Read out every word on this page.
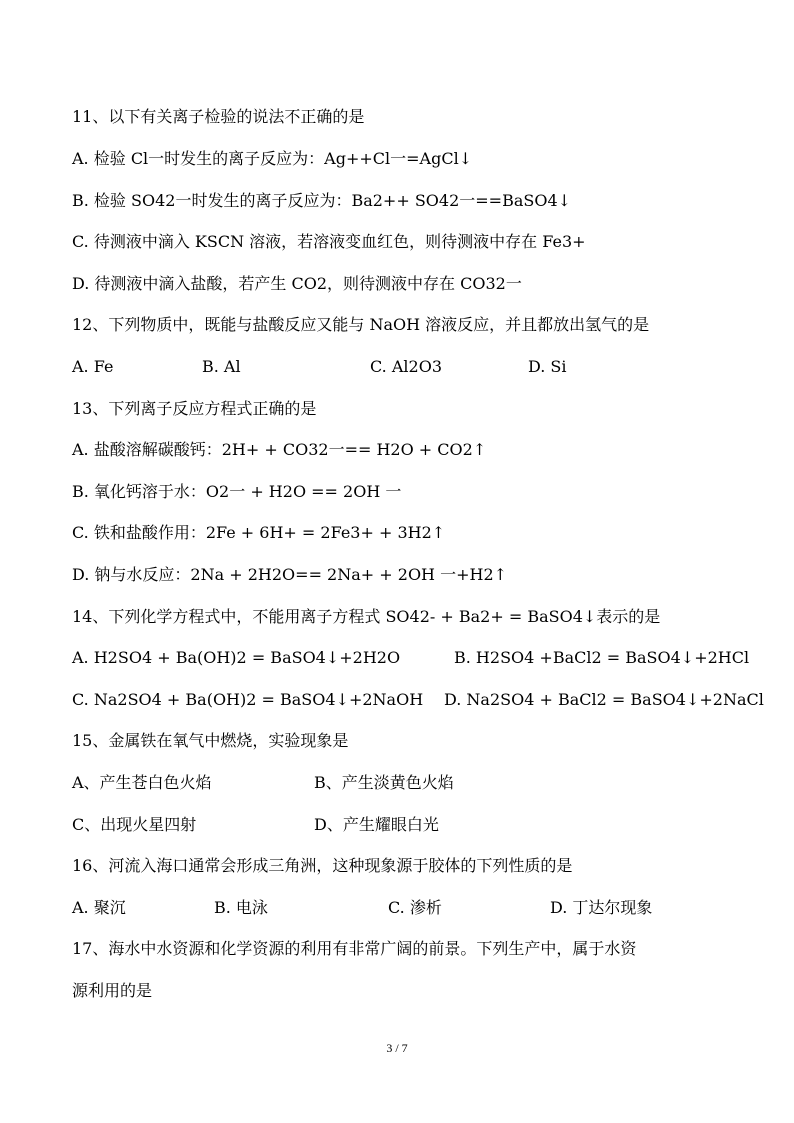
11、以下有关离子检验的说法不正确的是
A. 检验 Cl一时发生的离子反应为：Ag++Cl一=AgCl↓
B. 检验 SO42一时发生的离子反应为：Ba2++ SO42一==BaSO4↓
C. 待测液中滴入 KSCN 溶液，若溶液变血红色，则待测液中存在 Fe3+
D. 待测液中滴入盐酸，若产生 CO2，则待测液中存在 CO32一
12、下列物质中，既能与盐酸反应又能与 NaOH 溶液反应，并且都放出氢气的是
A. Fe	B. Al	C. Al2O3	D. Si
13、下列离子反应方程式正确的是
A. 盐酸溶解碳酸钙：2H+ + CO32一== H2O + CO2↑
B. 氧化钙溶于水：O2一 + H2O == 2OH 一
C. 铁和盐酸作用：2Fe + 6H+ = 2Fe3+ + 3H2↑
D. 钠与水反应：2Na + 2H2O== 2Na+ + 2OH 一+H2↑
14、下列化学方程式中，不能用离子方程式 SO42- + Ba2+ = BaSO4↓表示的是
A. H2SO4 + Ba(OH)2 = BaSO4↓+2H2O	B. H2SO4 +BaCl2 = BaSO4↓+2HCl
C. Na2SO4 + Ba(OH)2 = BaSO4↓+2NaOH D. Na2SO4 + BaCl2 = BaSO4↓+2NaCl
15、金属铁在氧气中燃烧，实验现象是
A、产生苍白色火焰	B、产生淡黄色火焰
C、出现火星四射	D、产生耀眼白光
16、河流入海口通常会形成三角洲，这种现象源于胶体的下列性质的是
A. 聚沉	B. 电泳	C. 渗析	D. 丁达尔现象
17、海水中水资源和化学资源的利用有非常广阔的前景。下列生产中，属于水资
源利用的是
3 / 7
